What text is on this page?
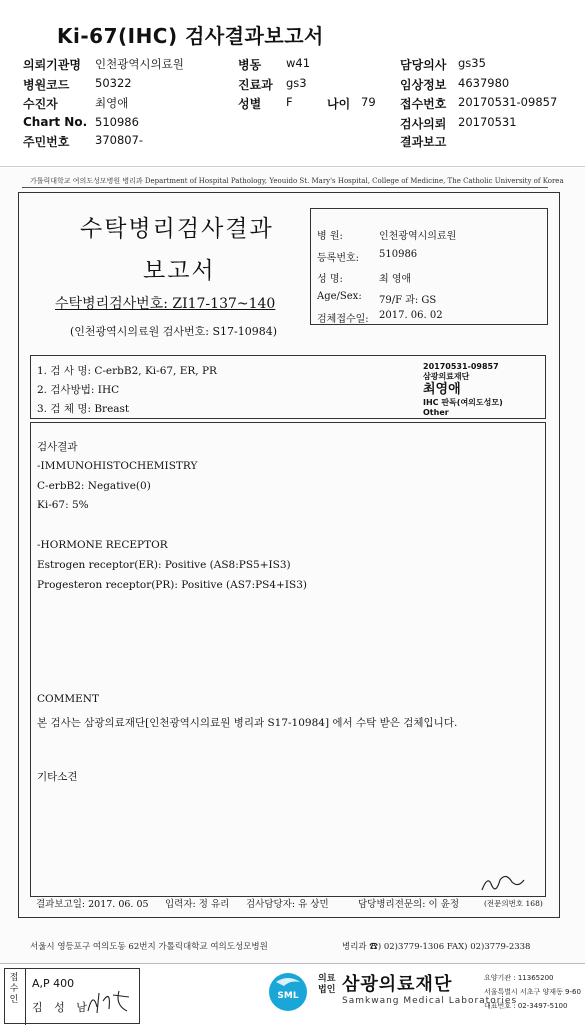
Ki-67(IHC) 검사결과보고서
의뢰기관명 인천광역시의료원
병원코드 50322
수진자	최영애
Chart No. 510986
주민번호 370807-
병동 w41
진료과 gs3
성별 F	나이 79
담당의사 gs35
임상정보 4637980
접수번호 20170531-09857
검사의뢰 20170531
결과보고
가톨릭대학교 여의도성모병원 병리과 Department of Hospital Pathology, Yeouido St. Mary's Hospital, College of Medicine, The Catholic University of Korea
수탁병리검사결과
보고서
수탁병리검사번호: ZI17-137~140
(인천광역시의료원 검사번호: S17-10984)
병 원:	인천광역시의료원
등록번호: 510986
성 명:	최 영애
Age/Sex: 79/F 과: GS
검체접수일: 2017. 06. 02
1. 검 사 명: C-erbB2, Ki-67, ER, PR
2. 검사방법: IHC
3. 검 체 명: Breast
20170531-09857
삼광의료재단
최영애
IHC 판독(여의도성모)
Other
검사결과
-IMMUNOHISTOCHEMISTRY
C-erbB2: Negative(0)
Ki-67: 5%
-HORMONE RECEPTOR
Estrogen receptor(ER): Positive (AS8:PS5+IS3)
Progesteron receptor(PR): Positive (AS7:PS4+IS3)
COMMENT
본 검사는 삼광의료재단[인천광역시의료원 병리과 S17-10984] 에서 수탁 받은 검체입니다.
기타소견
결과보고일: 2017. 06. 05 입력자: 정 유리 검사담당자: 유 상민	담당병리전문의: 이 윤정	(전문의번호 168)
서울시 영등포구 여의도동 62번지 가톨릭대학교 여의도성모병원	병리과 ☎) 02)3779-1306 FAX) 02)3779-2338
접수인
A,P 400
김 성 남
SML
의료
법인 삼광의료재단
Samkwang Medical Laboratories
요양기관 : 11365200
서울특별시 서초구 양재동 9-60
대표번호 : 02-3497-5100
